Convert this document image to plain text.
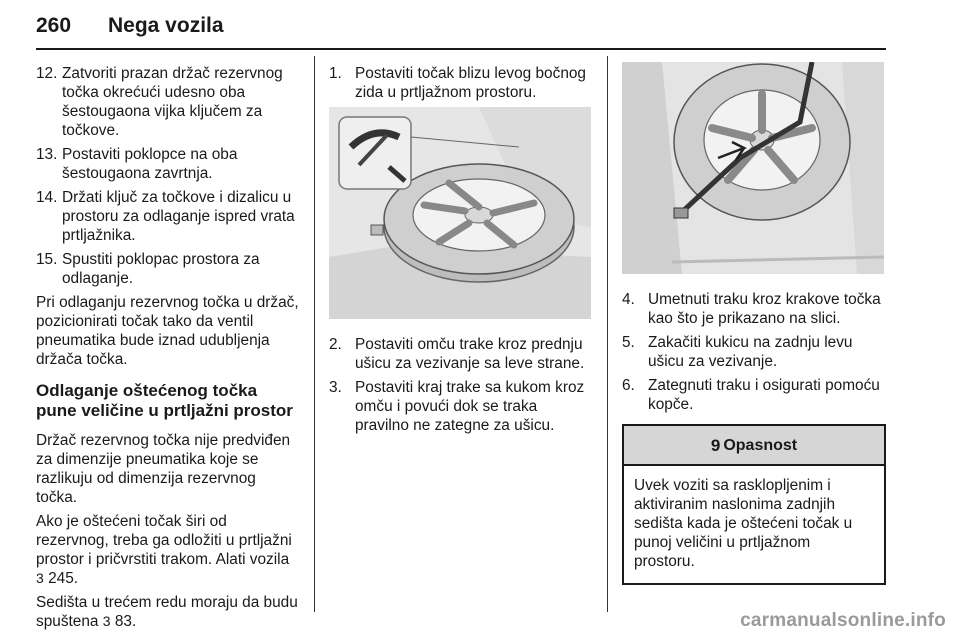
260 Nega vozila
12. Zatvoriti prazan držač rezervnog točka okrećući udesno oba šestougaona vijka ključem za točkove.
13. Postaviti poklopce na oba šestougaona zavrtnja.
14. Držati ključ za točkove i dizalicu u prostoru za odlaganje ispred vrata prtljažnika.
15. Spustiti poklopac prostora za odlaganje.

Pri odlaganju rezervnog točka u držač, pozicionirati točak tako da ventil pneumatika bude iznad udubljenja držača točka.

Odlaganje oštećenog točka pune veličine u prtljažni prostor

Držač rezervnog točka nije predviđen za dimenzije pneumatika koje se razlikuju od dimenzija rezervnog točka.

Ako je oštećeni točak širi od rezervnog, treba ga odložiti u prtljažni prostor i pričvrstiti trakom. Alati vozila 3 245.

Sedišta u trećem redu moraju da budu spuštena 3 83.

1. Postaviti točak blizu levog bočnog zida u prtljažnom prostoru.
2. Postaviti omču trake kroz prednju ušicu za vezivanje sa leve strane.
3. Postaviti kraj trake sa kukom kroz omču i povući dok se traka pravilno ne zategne za ušicu.
4. Umetnuti traku kroz krakove točka kao što je prikazano na slici.
5. Zakačiti kukicu na zadnju levu ušicu za vezivanje.
6. Zategnuti traku i osigurati pomoću kopče.
9 Opasnost
Uvek voziti sa rasklopljenim i aktiviranim naslonima zadnjih sedišta kada je oštećeni točak u punoj veličini u prtljažnom prostoru.
carmanualsonline.info
